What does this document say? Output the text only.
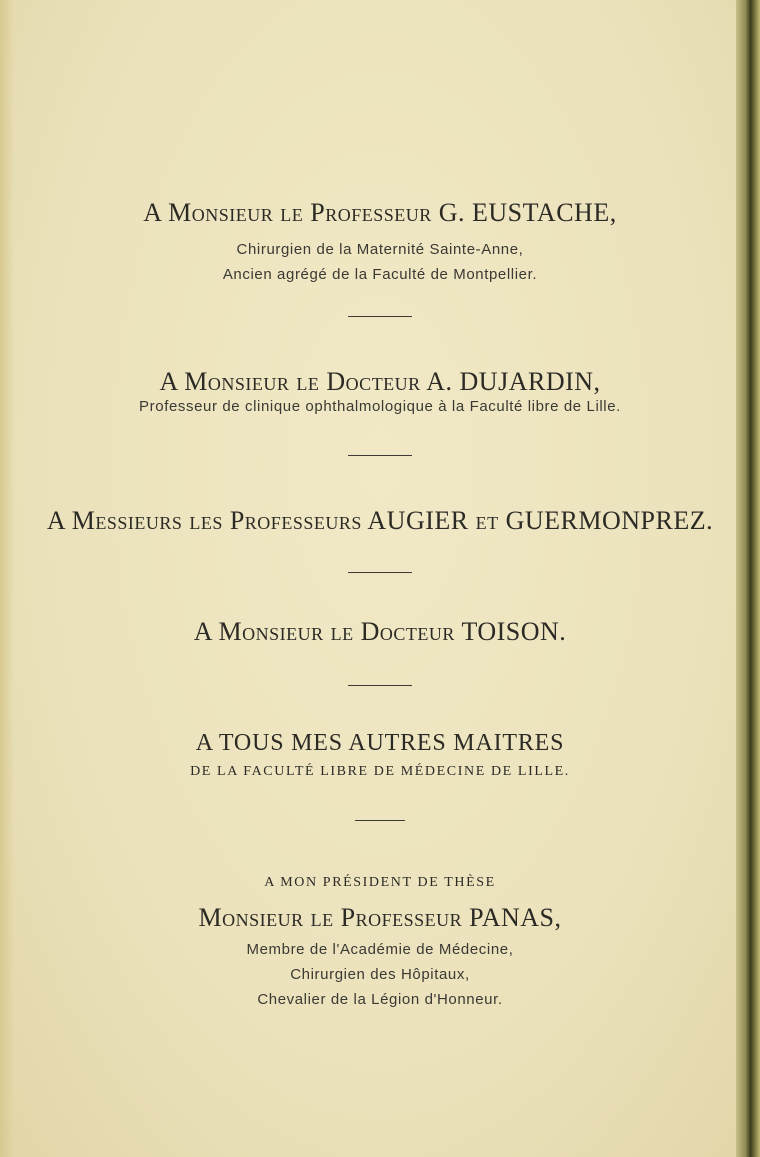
A Monsieur le Professeur G. EUSTACHE,
Chirurgien de la Maternité Sainte-Anne,
Ancien agrégé de la Faculté de Montpellier.
A Monsieur le Docteur A. DUJARDIN,
Professeur de clinique ophthalmologique à la Faculté libre de Lille.
A Messieurs les Professeurs AUGIER et GUERMONPREZ.
A Monsieur le Docteur TOISON.
A TOUS MES AUTRES MAITRES
DE LA FACULTÉ LIBRE DE MÉDECINE DE LILLE.
A MON PRÉSIDENT DE THÈSE
Monsieur le Professeur PANAS,
Membre de l'Académie de Médecine,
Chirurgien des Hôpitaux,
Chevalier de la Légion d'Honneur.
